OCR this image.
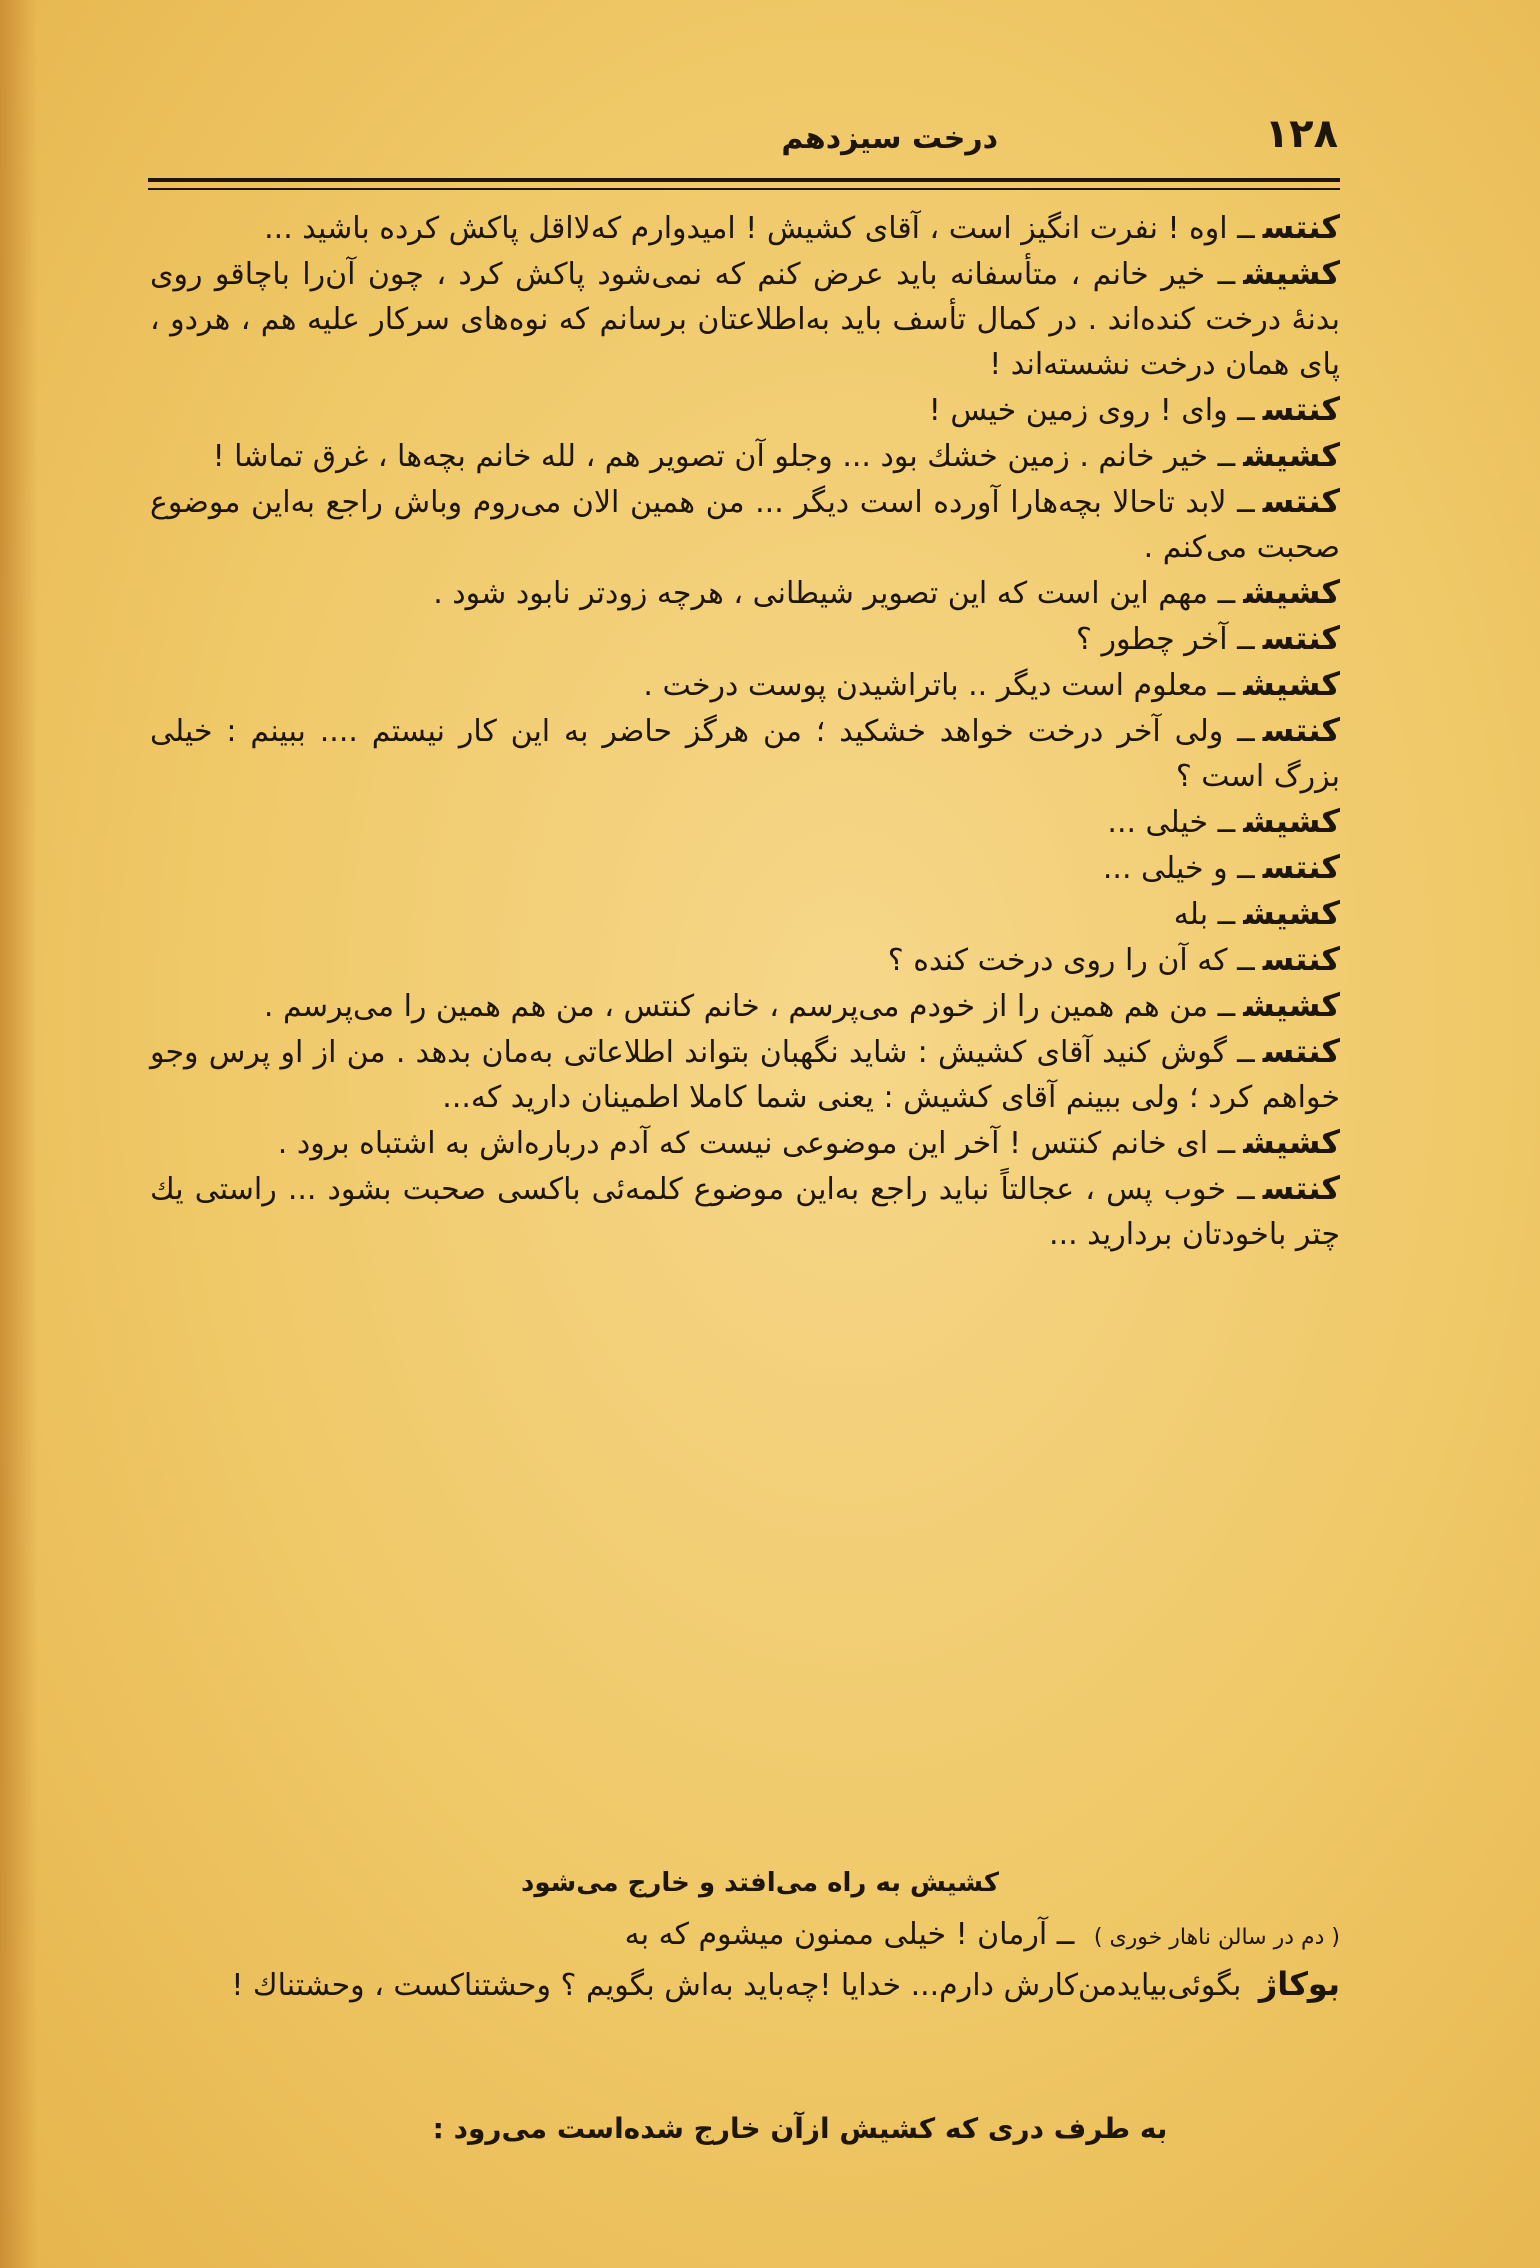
۱۲۸
درخت سیزدهم
کنتســ اوه ! نفرت انگیز است ، آقای کشیش ! امیدوارم که‌لااقل پاکش کرده باشید ...
کشیشــ خیر خانم ، متأسفانه باید عرض کنم که نمی‌شود پاکش کرد ، چون آن‌را باچاقو روی بدنهٔ درخت کنده‌اند . در کمال تأسف باید به‌اطلاعتان برسانم که نوه‌های سرکار علیه هم ، هردو ، پای همان درخت نشسته‌اند !
کنتســ وای ! روی زمین خیس !
کشیشــ خیر خانم . زمین خشك بود ... وجلو آن تصویر هم ، لله خانم بچه‌ها ، غرق تماشا !
کنتســ لابد تاحالا بچه‌هارا آورده است دیگر ... من همین الان می‌روم وباش راجع به‌این موضوع صحبت می‌کنم .
کشیشــ مهم این است که این تصویر شیطانی ، هرچه زودتر نابود شود .
کنتســ آخر چطور ؟
کشیشــ معلوم است دیگر .. باتراشیدن پوست درخت .
کنتســ ولی آخر درخت خواهد خشکید ؛ من هرگز حاضر به این کار نیستم .... ببینم : خیلی بزرگ است ؟
کشیشــ خیلی ...
کنتســ و خیلی ...
کشیشــ بله
کنتســ که آن را روی درخت کنده ؟
کشیشــ من هم همین را از خودم می‌پرسم ، خانم کنتس ، من هم همین را می‌پرسم .
کنتســ گوش کنید آقای کشیش : شاید نگهبان بتواند اطلاعاتی به‌مان بدهد . من از او پرس وجو خواهم کرد ؛ ولی ببینم آقای کشیش : یعنی شما کاملا اطمینان دارید که...
کشیشــ ای خانم کنتس ! آخر این موضوعی نیست که آدم درباره‌اش به اشتباه برود .
کنتســ خوب پس ، عجالتاً نباید راجع به‌این موضوع کلمه‌ئی باکسی صحبت بشود ... راستی یك چتر باخودتان بردارید ...
کشیش به راه می‌افتد و خارج می‌شود
( دم در سالن ناهار خوری ) ــ آرمان ! خیلی ممنون میشوم که به
بوکاژ بگوئی‌بیایدمن‌کارش دارم... خدایا !چه‌باید به‌اش بگویم ؟ وحشتناکست ، وحشتناك !
به طرف دری که کشیش ازآن خارج شده‌است می‌رود :
